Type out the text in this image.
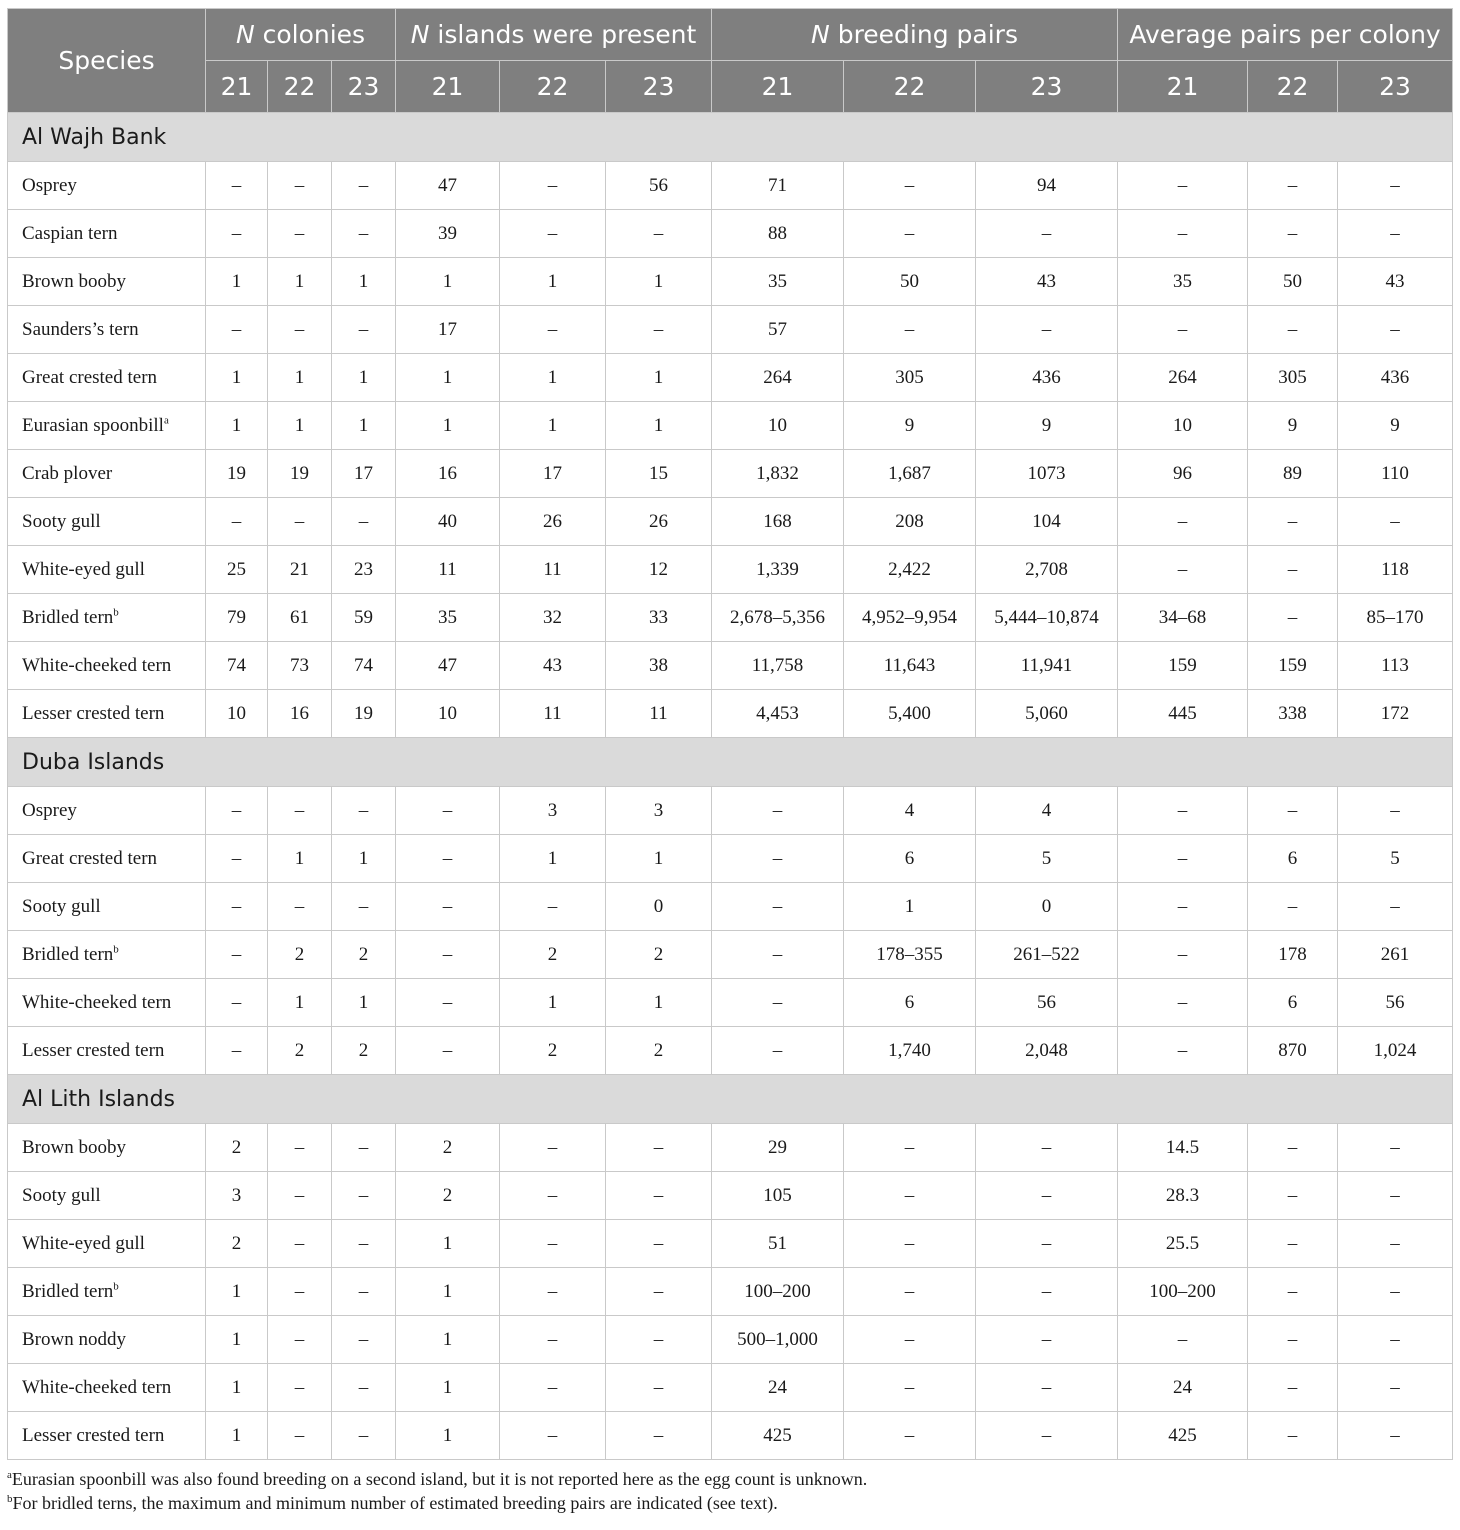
Species	N colonies			N islands were present			N breeding pairs			Average pairs per colony		
	21	22	23	21	22	23	21	22	23	21	22	23
Al Wajh Bank												
Osprey	–	–	–	47	–	56	71	–	94	–	–	–
Caspian tern	–	–	–	39	–	–	88	–	–	–	–	–
Brown booby	1	1	1	1	1	1	35	50	43	35	50	43
Saunders’s tern	–	–	–	17	–	–	57	–	–	–	–	–
Great crested tern	1	1	1	1	1	1	264	305	436	264	305	436
Eurasian spoonbill$^a$	1	1	1	1	1	1	10	9	9	10	9	9
Crab plover	19	19	17	16	17	15	1,832	1,687	1073	96	89	110
Sooty gull	–	–	–	40	26	26	168	208	104	–	–	–
White-eyed gull	25	21	23	11	11	12	1,339	2,422	2,708	–	–	118
Bridled tern$^b$	79	61	59	35	32	33	2,678–5,356	4,952–9,954	5,444–10,874	34–68	–	85–170
White-cheeked tern	74	73	74	47	43	38	11,758	11,643	11,941	159	159	113
Lesser crested tern	10	16	19	10	11	11	4,453	5,400	5,060	445	338	172
Duba Islands												
Osprey	–	–	–	–	3	3	–	4	4	–	–	–
Great crested tern	–	1	1	–	1	1	–	6	5	–	6	5
Sooty gull	–	–	–	–	–	0	–	1	0	–	–	–
Bridled tern$^b$	–	2	2	–	2	2	–	178–355	261–522	–	178	261
White-cheeked tern	–	1	1	–	1	1	–	6	56	–	6	56
Lesser crested tern	–	2	2	–	2	2	–	1,740	2,048	–	870	1,024
Al Lith Islands												
Brown booby	2	–	–	2	–	–	29	–	–	14.5	–	–
Sooty gull	3	–	–	2	–	–	105	–	–	28.3	–	–
White-eyed gull	2	–	–	1	–	–	51	–	–	25.5	–	–
Bridled tern$^b$	1	–	–	1	–	–	100–200	–	–	100–200	–	–
Brown noddy	1	–	–	1	–	–	500–1,000	–	–	–	–	–
White-cheeked tern	1	–	–	1	–	–	24	–	–	24	–	–
Lesser crested tern	1	–	–	1	–	–	425	–	–	425	–	–
$^a$Eurasian spoonbill was also found breeding on a second island, but it is not reported here as the egg count is unknown.
$^b$For bridled terns, the maximum and minimum number of estimated breeding pairs are indicated (see text).
